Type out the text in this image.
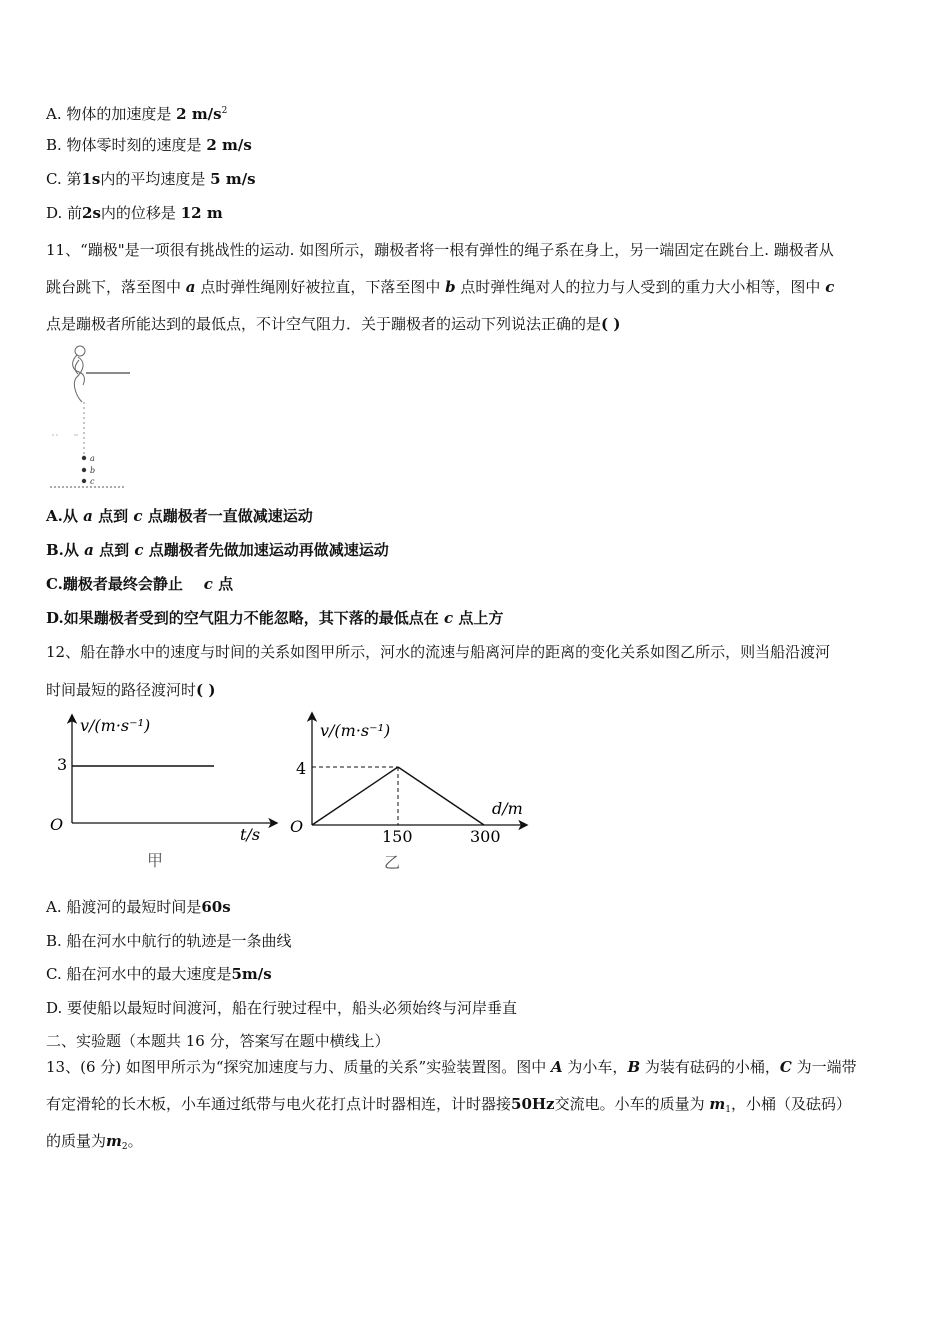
A. 物体的加速度是 2 $m/s^2$
B. 物体零时刻的速度是 2 m/s
C. 第1s内的平均速度是 5 m/s
D. 前2s内的位移是 12 m
11、“蹦极"是一项很有挑战性的运动. 如图所示，蹦极者将一根有弹性的绳子系在身上，另一端固定在跳台上. 蹦极者从
跳台跳下，落至图中 a 点时弹性绳刚好被拉直，下落至图中 b 点时弹性绳对人的拉力与人受到的重力大小相等，图中 c
点是蹦极者所能达到的最低点，不计空气阻力．关于蹦极者的运动下列说法正确的是( )
a
b
c
A.从 a 点到 c 点蹦极者一直做减速运动
B.从 a 点到 c 点蹦极者先做加速运动再做减速运动
C.蹦极者最终会静止 c 点
D.如果蹦极者受到的空气阻力不能忽略，其下落的最低点在 c 点上方
12、船在静水中的速度与时间的关系如图甲所示，河水的流速与船离河岸的距离的变化关系如图乙所示，则当船沿渡河
时间最短的路径渡河时( )
v/(m·s⁻¹)
3
O
t/s
甲
v/(m·s⁻¹)
4
O
150	300
d/m
乙
A. 船渡河的最短时间是60s
B. 船在河水中航行的轨迹是一条曲线
C. 船在河水中的最大速度是5m/s
D. 要使船以最短时间渡河，船在行驶过程中，船头必须始终与河岸垂直
二、实验题（本题共 16 分，答案写在题中横线上）
13、(6 分) 如图甲所示为“探究加速度与力、质量的关系”实验装置图。图中 A 为小车，B 为装有砝码的小桶，C 为一端带
有定滑轮的长木板，小车通过纸带与电火花打点计时器相连，计时器接50Hz交流电。小车的质量为 $m_1$，小桶（及砝码）
的质量为$m_2$。
